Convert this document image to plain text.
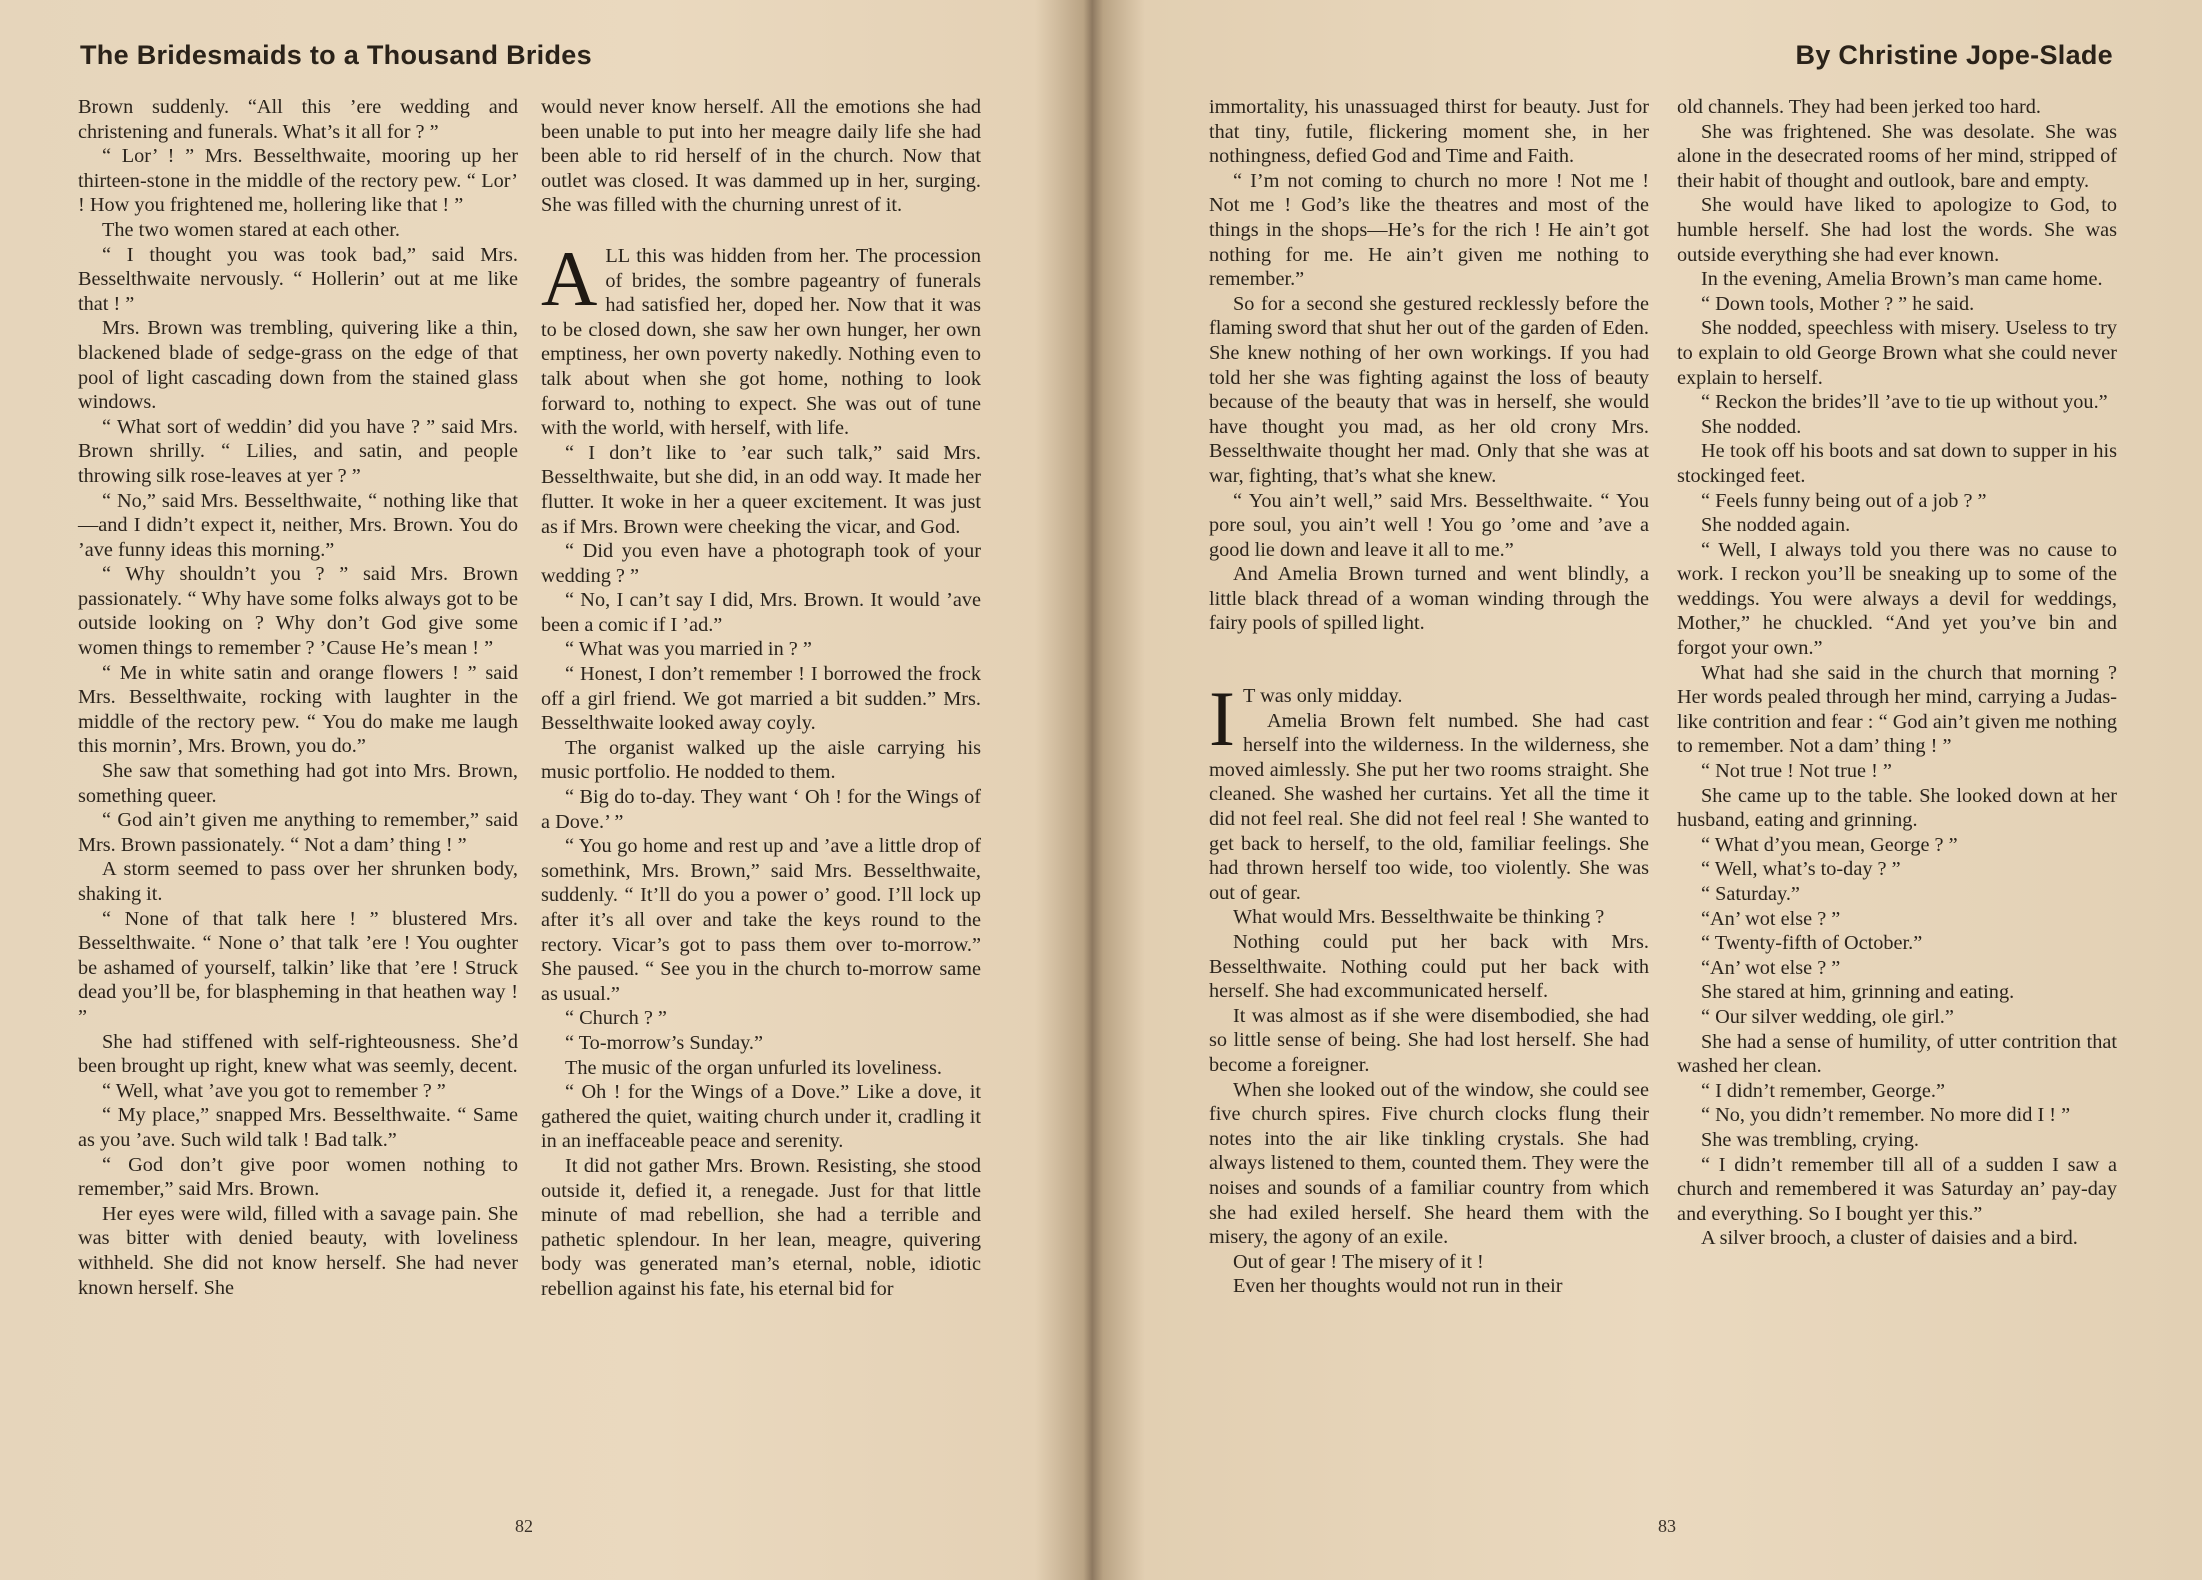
The Bridesmaids to a Thousand Brides

Brown suddenly. “All this ’ere wedding and christening and funerals. What’s it all for ? ”

“ Lor’ ! ” Mrs. Besselthwaite, mooring up her thirteen-stone in the middle of the rectory pew. “ Lor’ ! How you frightened me, hollering like that ! ”

The two women stared at each other.

“ I thought you was took bad,” said Mrs. Besselthwaite nervously. “ Hollerin’ out at me like that ! ”

Mrs. Brown was trembling, quivering like a thin, blackened blade of sedge-grass on the edge of that pool of light cascading down from the stained glass windows.

“ What sort of weddin’ did you have ? ” said Mrs. Brown shrilly. “ Lilies, and satin, and people throwing silk rose-leaves at yer ? ”

“ No,” said Mrs. Besselthwaite, “ nothing like that—and I didn’t expect it, neither, Mrs. Brown. You do ’ave funny ideas this morning.”

“ Why shouldn’t you ? ” said Mrs. Brown passionately. “ Why have some folks always got to be outside looking on ? Why don’t God give some women things to remember ? ’Cause He’s mean ! ”

“ Me in white satin and orange flowers ! ” said Mrs. Besselthwaite, rocking with laughter in the middle of the rectory pew. “ You do make me laugh this mornin’, Mrs. Brown, you do.”

She saw that something had got into Mrs. Brown, something queer.

“ God ain’t given me anything to remember,” said Mrs. Brown passionately. “ Not a dam’ thing ! ”

A storm seemed to pass over her shrunken body, shaking it.

“ None of that talk here ! ” blustered Mrs. Besselthwaite. “ None o’ that talk ’ere ! You oughter be ashamed of yourself, talkin’ like that ’ere ! Struck dead you’ll be, for blaspheming in that heathen way ! ”

She had stiffened with self-righteousness. She’d been brought up right, knew what was seemly, decent.

“ Well, what ’ave you got to remember ? ”

“ My place,” snapped Mrs. Besselthwaite. “ Same as you ’ave. Such wild talk ! Bad talk.”

“ God don’t give poor women nothing to remember,” said Mrs. Brown.

Her eyes were wild, filled with a savage pain. She was bitter with denied beauty, with loveliness withheld. She did not know herself. She had never known herself. She

would never know herself. All the emotions she had been unable to put into her meagre daily life she had been able to rid herself of in the church. Now that outlet was closed. It was dammed up in her, surging. She was filled with the churning unrest of it.

ALL this was hidden from her. The procession of brides, the sombre pageantry of funerals had satisfied her, doped her. Now that it was to be closed down, she saw her own hunger, her own emptiness, her own poverty nakedly. Nothing even to talk about when she got home, nothing to look forward to, nothing to expect. She was out of tune with the world, with herself, with life.

“ I don’t like to ’ear such talk,” said Mrs. Besselthwaite, but she did, in an odd way. It made her flutter. It woke in her a queer excitement. It was just as if Mrs. Brown were cheeking the vicar, and God.

“ Did you even have a photograph took of your wedding ? ”

“ No, I can’t say I did, Mrs. Brown. It would ’ave been a comic if I ’ad.”

“ What was you married in ? ”

“ Honest, I don’t remember ! I borrowed the frock off a girl friend. We got married a bit sudden.” Mrs. Besselthwaite looked away coyly.

The organist walked up the aisle carrying his music portfolio. He nodded to them.

“ Big do to-day. They want ‘ Oh ! for the Wings of a Dove.’ ”

“ You go home and rest up and ’ave a little drop of somethink, Mrs. Brown,” said Mrs. Besselthwaite, suddenly. “ It’ll do you a power o’ good. I’ll lock up after it’s all over and take the keys round to the rectory. Vicar’s got to pass them over to-morrow.” She paused. “ See you in the church to-morrow same as usual.”

“ Church ? ”

“ To-morrow’s Sunday.”

The music of the organ unfurled its loveliness.

“ Oh ! for the Wings of a Dove.” Like a dove, it gathered the quiet, waiting church under it, cradling it in an ineffaceable peace and serenity.

It did not gather Mrs. Brown. Resisting, she stood outside it, defied it, a renegade. Just for that little minute of mad rebellion, she had a terrible and pathetic splendour. In her lean, meagre, quivering body was generated man’s eternal, noble, idiotic rebellion against his fate, his eternal bid for

82
By Christine Jope-Slade

immortality, his unassuaged thirst for beauty. Just for that tiny, futile, flickering moment she, in her nothingness, defied God and Time and Faith.

“ I’m not coming to church no more ! Not me ! Not me ! God’s like the theatres and most of the things in the shops—He’s for the rich ! He ain’t got nothing for me. He ain’t given me nothing to remember.”

So for a second she gestured recklessly before the flaming sword that shut her out of the garden of Eden. She knew nothing of her own workings. If you had told her she was fighting against the loss of beauty because of the beauty that was in herself, she would have thought you mad, as her old crony Mrs. Besselthwaite thought her mad. Only that she was at war, fighting, that’s what she knew.

“ You ain’t well,” said Mrs. Besselthwaite. “ You pore soul, you ain’t well ! You go ’ome and ’ave a good lie down and leave it all to me.”

And Amelia Brown turned and went blindly, a little black thread of a woman winding through the fairy pools of spilled light.

I T was only midday.

Amelia Brown felt numbed. She had cast herself into the wilderness. In the wilderness, she moved aimlessly. She put her two rooms straight. She cleaned. She washed her curtains. Yet all the time it did not feel real. She did not feel real ! She wanted to get back to herself, to the old, familiar feelings. She had thrown herself too wide, too violently. She was out of gear.

What would Mrs. Besselthwaite be thinking ?

Nothing could put her back with Mrs. Besselthwaite. Nothing could put her back with herself. She had excommunicated herself.

It was almost as if she were disembodied, she had so little sense of being. She had lost herself. She had become a foreigner.

When she looked out of the window, she could see five church spires. Five church clocks flung their notes into the air like tinkling crystals. She had always listened to them, counted them. They were the noises and sounds of a familiar country from which she had exiled herself. She heard them with the misery, the agony of an exile.

Out of gear ! The misery of it !

Even her thoughts would not run in their

old channels. They had been jerked too hard.

She was frightened. She was desolate. She was alone in the desecrated rooms of her mind, stripped of their habit of thought and outlook, bare and empty.

She would have liked to apologize to God, to humble herself. She had lost the words. She was outside everything she had ever known.

In the evening, Amelia Brown’s man came home.

“ Down tools, Mother ? ” he said.

She nodded, speechless with misery. Useless to try to explain to old George Brown what she could never explain to herself.

“ Reckon the brides’ll ’ave to tie up without you.”

She nodded.

He took off his boots and sat down to supper in his stockinged feet.

“ Feels funny being out of a job ? ”

She nodded again.

“ Well, I always told you there was no cause to work. I reckon you’ll be sneaking up to some of the weddings. You were always a devil for weddings, Mother,” he chuckled. “And yet you’ve bin and forgot your own.”

What had she said in the church that morning ? Her words pealed through her mind, carrying a Judas-like contrition and fear : “ God ain’t given me nothing to remember. Not a dam’ thing ! ”

“ Not true ! Not true ! ”

She came up to the table. She looked down at her husband, eating and grinning.

“ What d’you mean, George ? ”

“ Well, what’s to-day ? ”

“ Saturday.”

“An’ wot else ? ”

“ Twenty-fifth of October.”

“An’ wot else ? ”

She stared at him, grinning and eating.

“ Our silver wedding, ole girl.”

She had a sense of humility, of utter contrition that washed her clean.

“ I didn’t remember, George.”

“ No, you didn’t remember. No more did I ! ”

She was trembling, crying.

“ I didn’t remember till all of a sudden I saw a church and remembered it was Saturday an’ pay-day and everything. So I bought yer this.”

A silver brooch, a cluster of daisies and a bird.

83
